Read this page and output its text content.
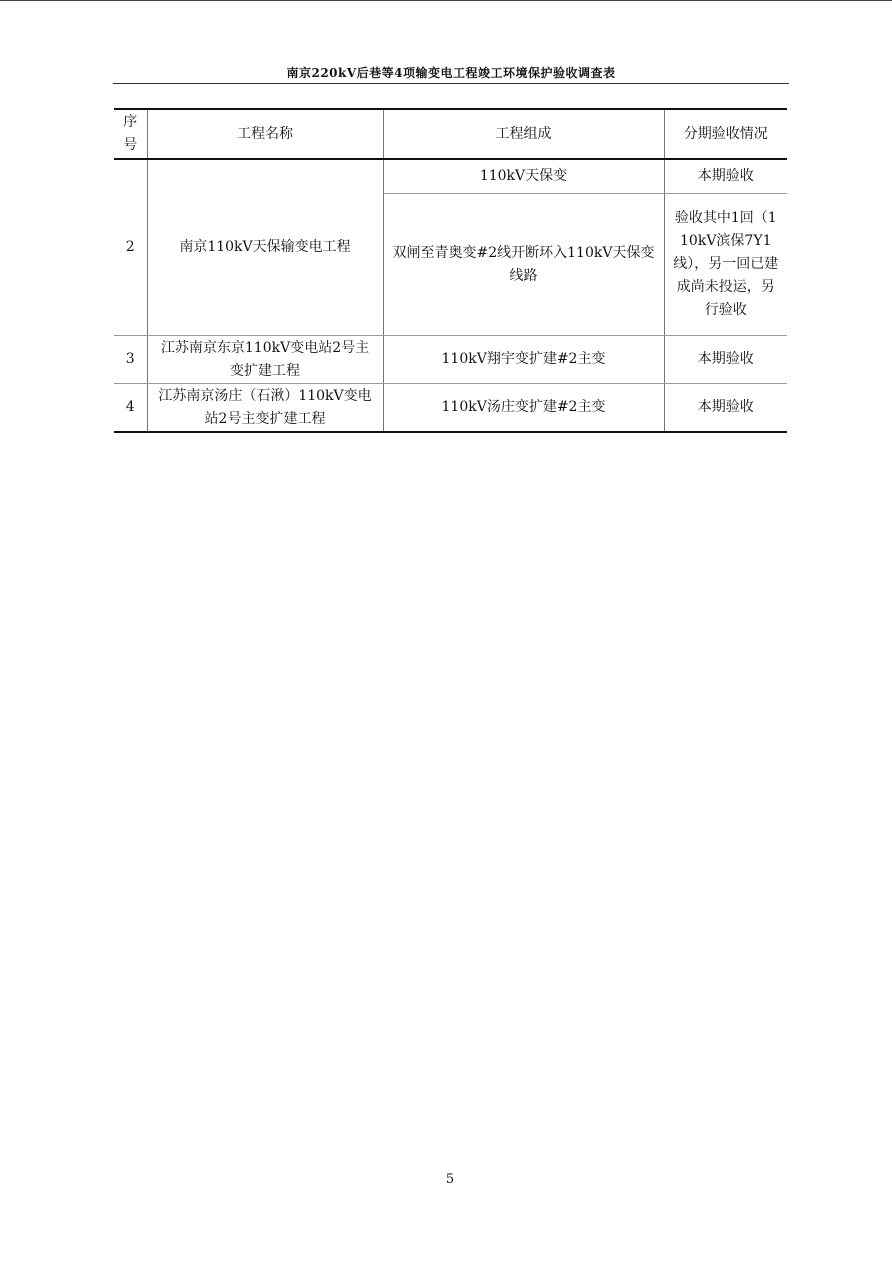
南京220kV后巷等4项输变电工程竣工环境保护验收调查表
序号	工程名称	工程组成	分期验收情况
2	南京110kV天保输变电工程	110kV天保变	本期验收
		双闸至青奥变#2线开断环入110kV天保变线路	验收其中1回（110kV滨保7Y1线），另一回已建成尚未投运，另行验收
3	江苏南京东京110kV变电站2号主变扩建工程	110kV翔宇变扩建#2主变	本期验收
4	江苏南京汤庄（石湫）110kV变电站2号主变扩建工程	110kV汤庄变扩建#2主变	本期验收
5
